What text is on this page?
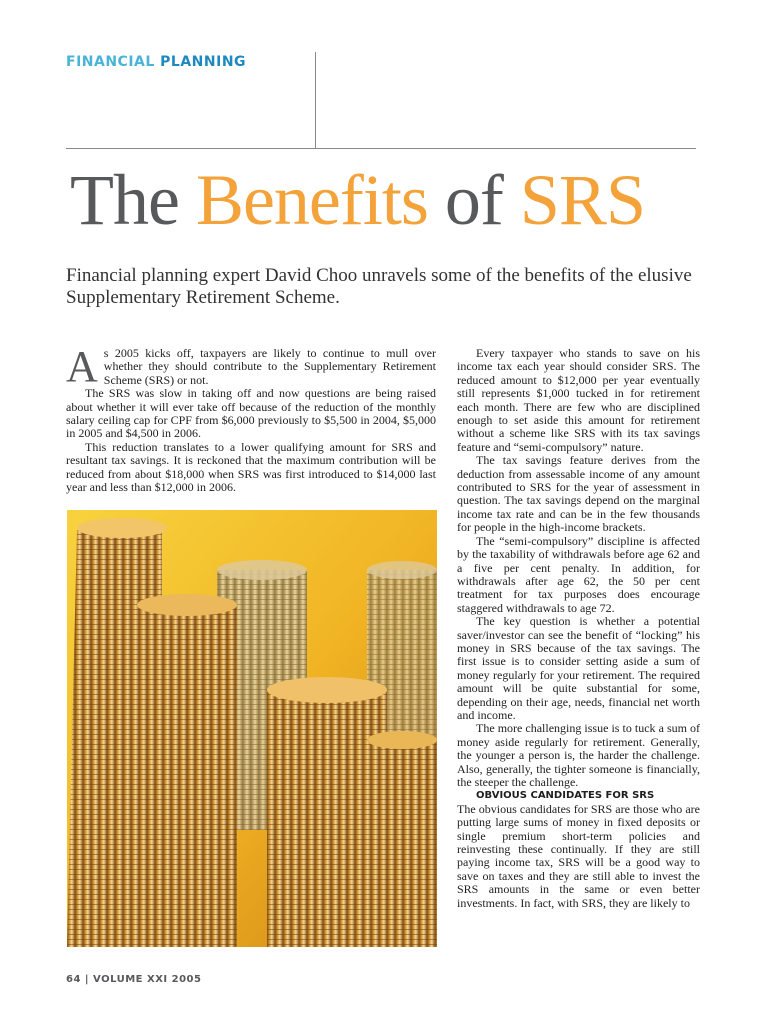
FINANCIAL PLANNING
The Benefits of SRS
Financial planning expert David Choo unravels some of the benefits of the elusive Supplementary Retirement Scheme.

As 2005 kicks off, taxpayers are likely to continue to mull over whether they should contribute to the Supplementary Retirement Scheme (SRS) or not.

The SRS was slow in taking off and now questions are being raised about whether it will ever take off because of the reduction of the monthly salary ceiling cap for CPF from $6,000 previously to $5,500 in 2004, $5,000 in 2005 and $4,500 in 2006.

This reduction translates to a lower qualifying amount for SRS and resultant tax savings. It is reckoned that the maximum contribution will be reduced from about $18,000 when SRS was first introduced to $14,000 last year and less than $12,000 in 2006.

Every taxpayer who stands to save on his income tax each year should consider SRS. The reduced amount to $12,000 per year eventually still represents $1,000 tucked in for retirement each month. There are few who are disciplined enough to set aside this amount for retirement without a scheme like SRS with its tax savings feature and “semi-compulsory” nature.

The tax savings feature derives from the deduction from assessable income of any amount contributed to SRS for the year of assessment in question. The tax savings depend on the marginal income tax rate and can be in the few thousands for people in the high-income brackets.

The “semi-compulsory” discipline is affected by the taxability of withdrawals before age 62 and a five per cent penalty. In addition, for withdrawals after age 62, the 50 per cent treatment for tax purposes does encourage staggered withdrawals to age 72.

The key question is whether a potential saver/investor can see the benefit of “locking” his money in SRS because of the tax savings. The first issue is to consider setting aside a sum of money regularly for your retirement. The required amount will be quite substantial for some, depending on their age, needs, financial net worth and income.

The more challenging issue is to tuck a sum of money aside regularly for retirement. Generally, the younger a person is, the harder the challenge. Also, generally, the tighter someone is financially, the steeper the challenge.

OBVIOUS CANDIDATES FOR SRS

The obvious candidates for SRS are those who are putting large sums of money in fixed deposits or single premium short-term policies and reinvesting these continually. If they are still paying income tax, SRS will be a good way to save on taxes and they are still able to invest the SRS amounts in the same or even better investments. In fact, with SRS, they are likely to

64 | VOLUME XXI 2005
